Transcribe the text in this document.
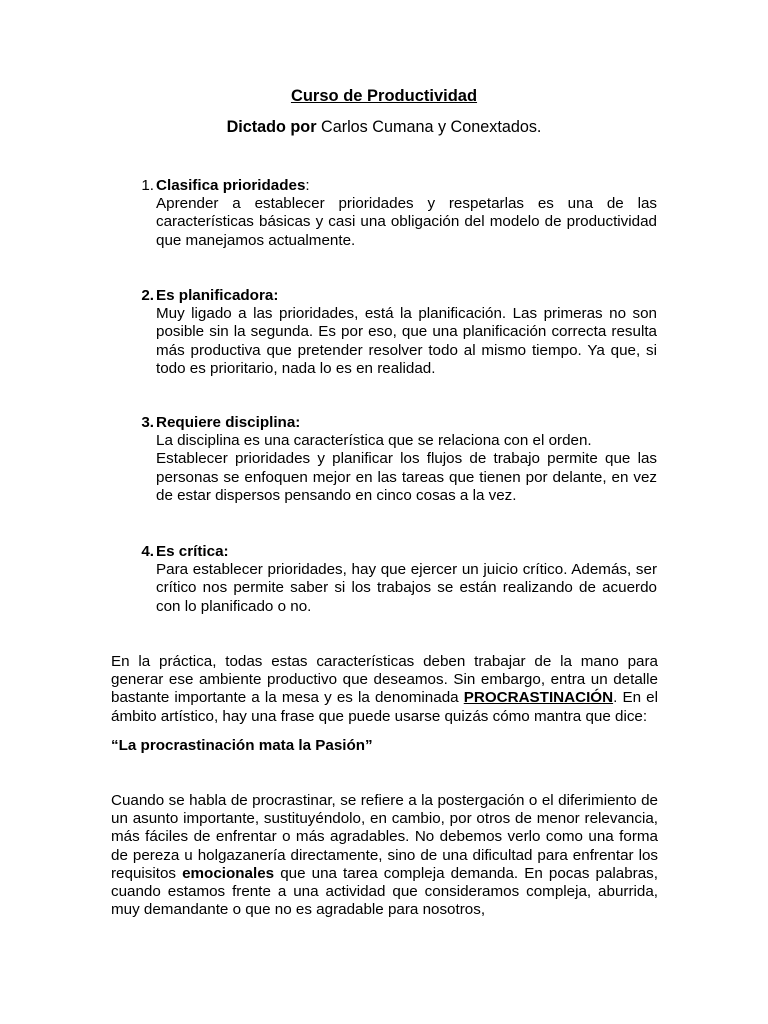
Curso de Productividad
Dictado por Carlos Cumana y Conextados.
1. Clasifica prioridades:
Aprender a establecer prioridades y respetarlas es una de las características básicas y casi una obligación del modelo de productividad que manejamos actualmente.
2. Es planificadora:
Muy ligado a las prioridades, está la planificación. Las primeras no son posible sin la segunda. Es por eso, que una planificación correcta resulta más productiva que pretender resolver todo al mismo tiempo. Ya que, si todo es prioritario, nada lo es en realidad.
3. Requiere disciplina:
La disciplina es una característica que se relaciona con el orden.
Establecer prioridades y planificar los flujos de trabajo permite que las personas se enfoquen mejor en las tareas que tienen por delante, en vez de estar dispersos pensando en cinco cosas a la vez.
4. Es crítica:
Para establecer prioridades, hay que ejercer un juicio crítico. Además, ser crítico nos permite saber si los trabajos se están realizando de acuerdo con lo planificado o no.
En la práctica, todas estas características deben trabajar de la mano para generar ese ambiente productivo que deseamos. Sin embargo, entra un detalle bastante importante a la mesa y es la denominada PROCRASTINACIÓN. En el ámbito artístico, hay una frase que puede usarse quizás cómo mantra que dice:
“La procrastinación mata la Pasión”
Cuando se habla de procrastinar, se refiere a la postergación o el diferimiento de un asunto importante, sustituyéndolo, en cambio, por otros de menor relevancia, más fáciles de enfrentar o más agradables. No debemos verlo como una forma de pereza u holgazanería directamente, sino de una dificultad para enfrentar los requisitos emocionales que una tarea compleja demanda. En pocas palabras, cuando estamos frente a una actividad que consideramos compleja, aburrida, muy demandante o que no es agradable para nosotros,
